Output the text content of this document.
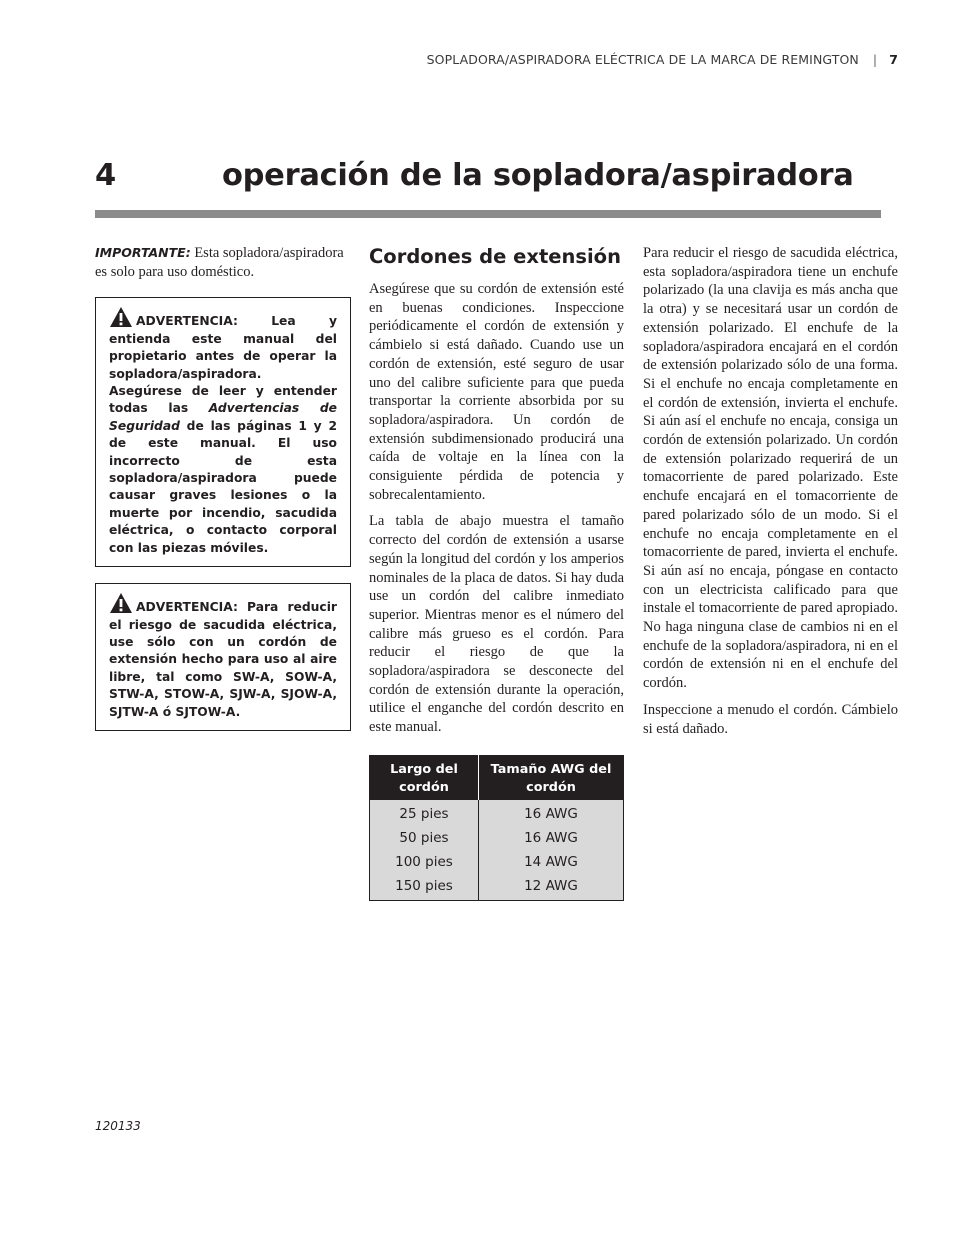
SOPLADORA/ASPIRADORA ELÉCTRICA DE LA MARCA DE REMINGTON | 7
4	operación de la sopladora/aspiradora
IMPORTANTE: Esta sopladora/aspiradora es solo para uso doméstico.
ADVERTENCIA: Lea y entienda este manual del propietario antes de operar la sopladora/aspiradora. Asegúrese de leer y entender todas las Advertencias de Seguridad de las páginas 1 y 2 de este manual. El uso incorrecto de esta sopladora/aspiradora puede causar graves lesiones o la muerte por incendio, sacudida eléctrica, o contacto corporal con las piezas móviles.
ADVERTENCIA: Para reducir el riesgo de sacudida eléctrica, use sólo con un cordón de extensión hecho para uso al aire libre, tal como SW-A, SOW-A, STW-A, STOW-A, SJW-A, SJOW-A, SJTW-A ó SJTOW-A.
Cordones de extensión

Asegúrese que su cordón de extensión esté en buenas condiciones. Inspeccione periódicamente el cordón de extensión y cámbielo si está dañado. Cuando use un cordón de extensión, esté seguro de usar uno del calibre suficiente para que pueda transportar la corriente absorbida por su sopladora/aspiradora. Un cordón de extensión subdimensionado producirá una caída de voltaje en la línea con la consiguiente pérdida de potencia y sobrecalentamiento.

La tabla de abajo muestra el tamaño correcto del cordón de extensión a usarse según la longitud del cordón y los amperios nominales de la placa de datos. Si hay duda use un cordón del calibre inmediato superior. Mientras menor es el número del calibre más grueso es el cordón. Para reducir el riesgo de que la sopladora/aspiradora se desconecte del cordón de extensión durante la operación, utilice el enganche del cordón descrito en este manual.

Largo del cordón	Tamaño AWG del cordón
25 pies	16 AWG
50 pies	16 AWG
100 pies	14 AWG
150 pies	12 AWG

Para reducir el riesgo de sacudida eléctrica, esta sopladora/aspiradora tiene un enchufe polarizado (la una clavija es más ancha que la otra) y se necesitará usar un cordón de extensión polarizado. El enchufe de la sopladora/aspiradora encajará en el cordón de extensión polarizado sólo de una forma. Si el enchufe no encaja completamente en el cordón de extensión, invierta el enchufe. Si aún así el enchufe no encaja, consiga un cordón de extensión polarizado. Un cordón de extensión polarizado requerirá de un tomacorriente de pared polarizado. Este enchufe encajará en el tomacorriente de pared polarizado sólo de un modo. Si el enchufe no encaja completamente en el tomacorriente de pared, invierta el enchufe. Si aún así no encaja, póngase en contacto con un electricista calificado para que instale el tomacorriente de pared apropiado. No haga ninguna clase de cambios ni en el enchufe de la sopladora/aspiradora, ni en el cordón de extensión ni en el enchufe del cordón.

Inspeccione a menudo el cordón. Cámbielo si está dañado.

120133
